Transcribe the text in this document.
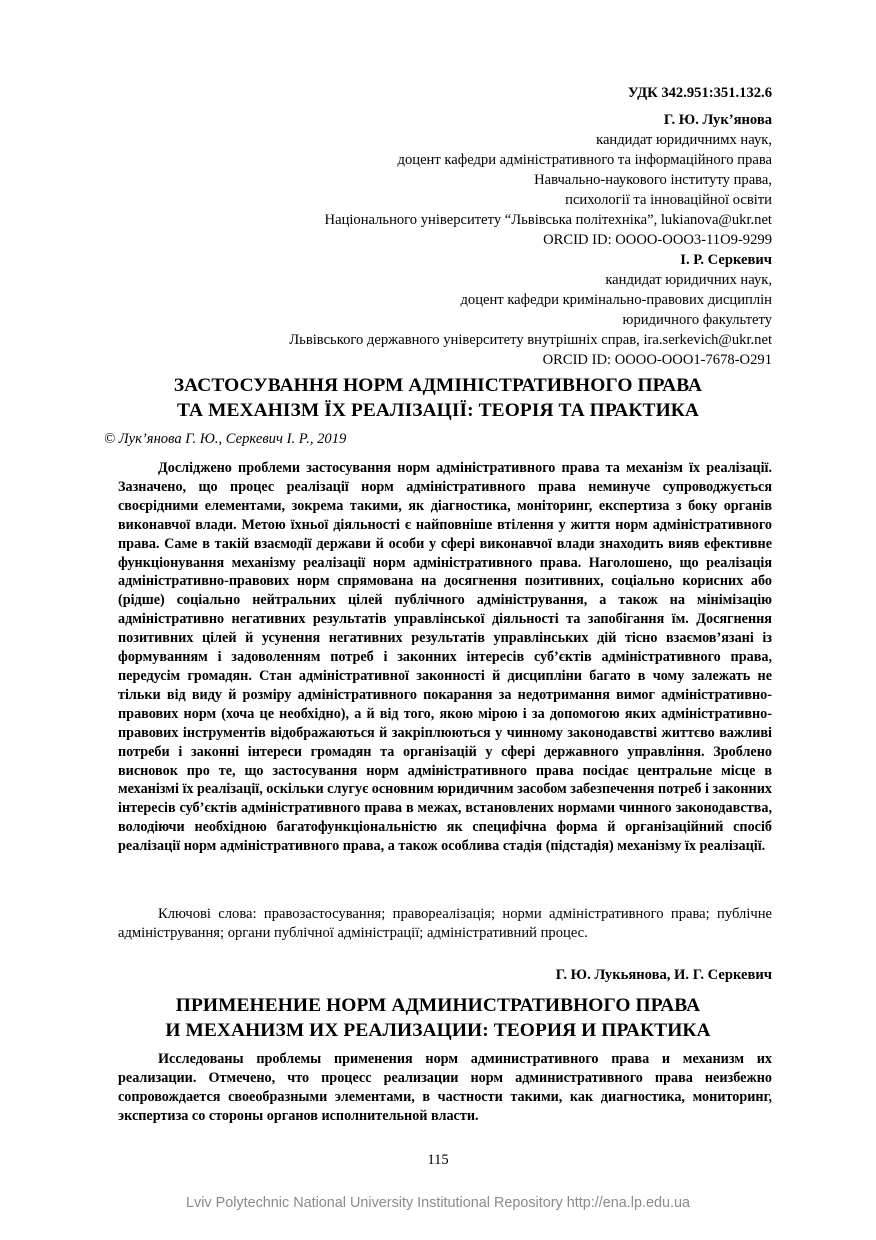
УДК 342.951:351.132.6
Г. Ю. Лук’янова
кандидат юридичнимх наук,
доцент кафедри адміністративного та інформаційного права
Навчально-наукового інституту права,
психології та інноваційної освіти
Національного університету “Львівська політехніка”, lukianova@ukr.net
ORCID ID: OOOO-OOO3-11O9-9299
І. Р. Серкевич
кандидат юридичних наук,
доцент кафедри кримінально-правових дисциплін
юридичного факультету
Львівського державного університету внутрішніх справ, ira.serkevich@ukr.net
ORCID ID: OOOO-OOO1-7678-O291
ЗАСТОСУВАННЯ НОРМ АДМІНІСТРАТИВНОГО ПРАВА
ТА МЕХАНІЗМ ЇХ РЕАЛІЗАЦІЇ: ТЕОРІЯ ТА ПРАКТИКА
© Лук’янова Г. Ю., Серкевич І. Р., 2019
Досліджено проблеми застосування норм адміністративного права та механізм їх реалізації. Зазначено, що процес реалізації норм адміністративного права неминуче супроводжується своєрідними елементами, зокрема такими, як діагностика, моніторинг, експертиза з боку органів виконавчої влади. Метою їхньої діяльності є найповніше втілення у життя норм адміністративного права. Саме в такій взаємодії держави й особи у сфері виконавчої влади знаходить вияв ефективне функціонування механізму реалізації норм адміністративного права. Наголошено, що реалізація адміністративно-правових норм спрямована на досягнення позитивних, соціально корисних або (рідше) соціально нейтральних цілей публічного адміністрування, а також на мінімізацію адміністративно негативних результатів управлінської діяльності та запобігання їм. Досягнення позитивних цілей й усунення негативних результатів управлінських дій тісно взаємов’язані із формуванням і задоволенням потреб і законних інтересів суб’єктів адміністративного права, передусім громадян. Стан адміністративної законності й дисципліни багато в чому залежать не тільки від виду й розміру адміністративного покарання за недотримання вимог адміністративно-правових норм (хоча це необхідно), а й від того, якою мірою і за допомогою яких адміністративно-правових інструментів відображаються й закріплюються у чинному законодавстві життєво важливі потреби і законні інтереси громадян та організацій у сфері державного управління. Зроблено висновок про те, що застосування норм адміністративного права посідає центральне місце в механізмі їх реалізації, оскільки слугує основним юридичним засобом забезпечення потреб і законних інтересів суб’єктів адміністративного права в межах, встановлених нормами чинного законодавства, володіючи необхідною багатофункціональністю як специфічна форма й організаційний спосіб реалізації норм адміністративного права, а також особлива стадія (підстадія) механізму їх реалізації.
Ключові слова: правозастосування; правореалізація; норми адміністративного права; публічне адміністрування; органи публічної адміністрації; адміністративний процес.
Г. Ю. Лукьянова, И. Г. Серкевич
ПРИМЕНЕНИЕ НОРМ АДМИНИСТРАТИВНОГО ПРАВА
И МЕХАНИЗМ ИХ РЕАЛИЗАЦИИ: ТЕОРИЯ И ПРАКТИКА
Исследованы проблемы применения норм административного права и механизм их реализации. Отмечено, что процесс реализации норм административного права неизбежно сопровождается своеобразными элементами, в частности такими, как диагностика, мониторинг, экспертиза со стороны органов исполнительной власти.
115
Lviv Polytechnic National University Institutional Repository http://ena.lp.edu.ua
